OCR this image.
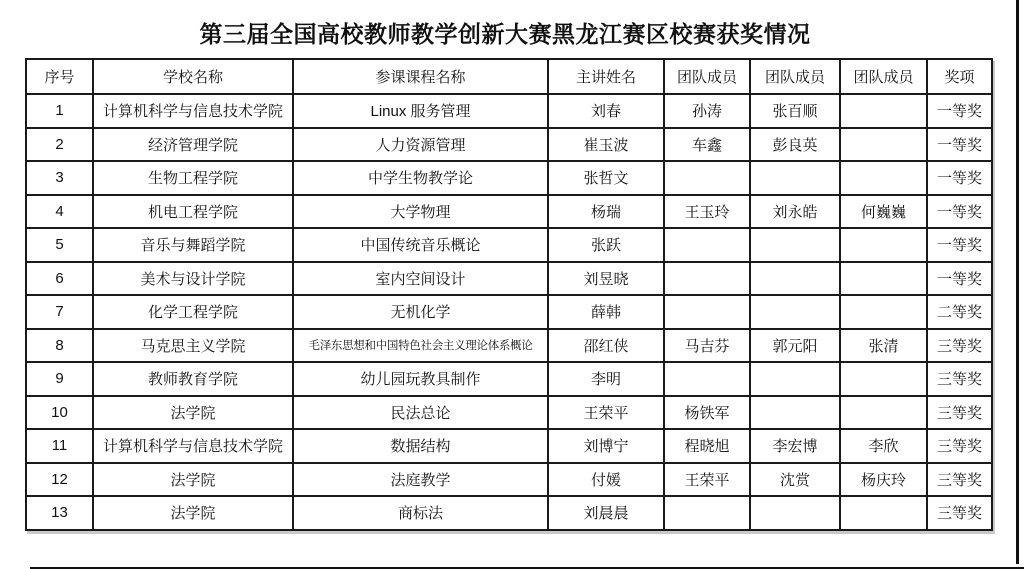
第三届全国高校教师教学创新大赛黑龙江赛区校赛获奖情况
序号	学校名称	参课课程名称	主讲姓名	团队成员	团队成员	团队成员	奖项
1	计算机科学与信息技术学院	Linux 服务管理	刘春	孙涛	张百顺		一等奖
2	经济管理学院	人力资源管理	崔玉波	车鑫	彭良英		一等奖
3	生物工程学院	中学生物教学论	张哲文				一等奖
4	机电工程学院	大学物理	杨瑞	王玉玲	刘永皓	何巍巍	一等奖
5	音乐与舞蹈学院	中国传统音乐概论	张跃				一等奖
6	美术与设计学院	室内空间设计	刘昱晓				一等奖
7	化学工程学院	无机化学	薛韩				二等奖
8	马克思主义学院	毛泽东思想和中国特色社会主义理论体系概论	邵红侠	马吉芬	郭元阳	张清	三等奖
9	教师教育学院	幼儿园玩教具制作	李明				三等奖
10	法学院	民法总论	王荣平	杨铁军			三等奖
11	计算机科学与信息技术学院	数据结构	刘博宁	程晓旭	李宏博	李欣	三等奖
12	法学院	法庭教学	付媛	王荣平	沈赏	杨庆玲	三等奖
13	法学院	商标法	刘晨晨				三等奖
